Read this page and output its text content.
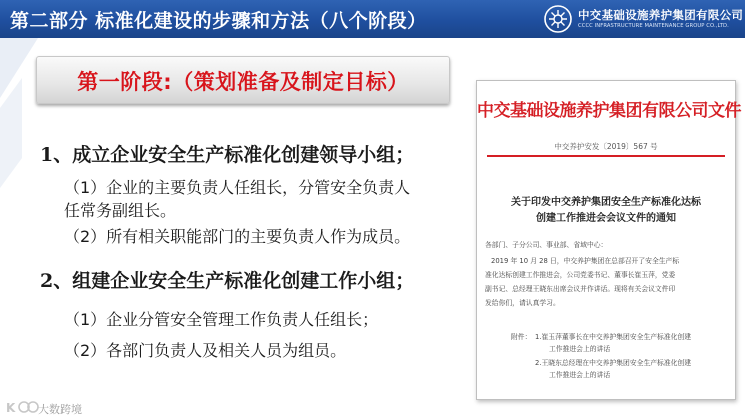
第二部分 标准化建设的步骤和方法（八个阶段）	中交基础设施养护集团有限公司
CCCC INFRASTRUCTURE MAINTENANCE GROUP CO.,LTD.
第一阶段:（策划准备及制定目标）
1、成立企业安全生产标准化创建领导小组；
（1）企业的主要负责人任组长，分管安全负责人
任常务副组长。
（2）所有相关职能部门的主要负责人作为成员。
2、组建企业安全生产标准化创建工作小组；
（1）企业分管安全管理工作负责人任组长；
（2）各部门负责人及相关人员为组员。
中交基础设施养护集团有限公司文件
中交养护安发〔2019〕567 号
关于印发中交养护集团安全生产标准化达标
创建工作推进会会议文件的通知
各部门、子分公司、事业部、省域中心：
2019 年 10 月 28 日，中交养护集团在总部召开了安全生产标
准化达标创建工作推进会，公司党委书记、董事长崔玉萍，党委
副书记、总经理王晓东出席会议并作讲话。现将有关会议文件印
发给你们，请认真学习。
附件： 1.崔玉萍董事长在中交养护集团安全生产标准化创建
工作推进会上的讲话
2.王晓东总经理在中交养护集团安全生产标准化创建
工作推进会上的讲话
K 大数跨境
